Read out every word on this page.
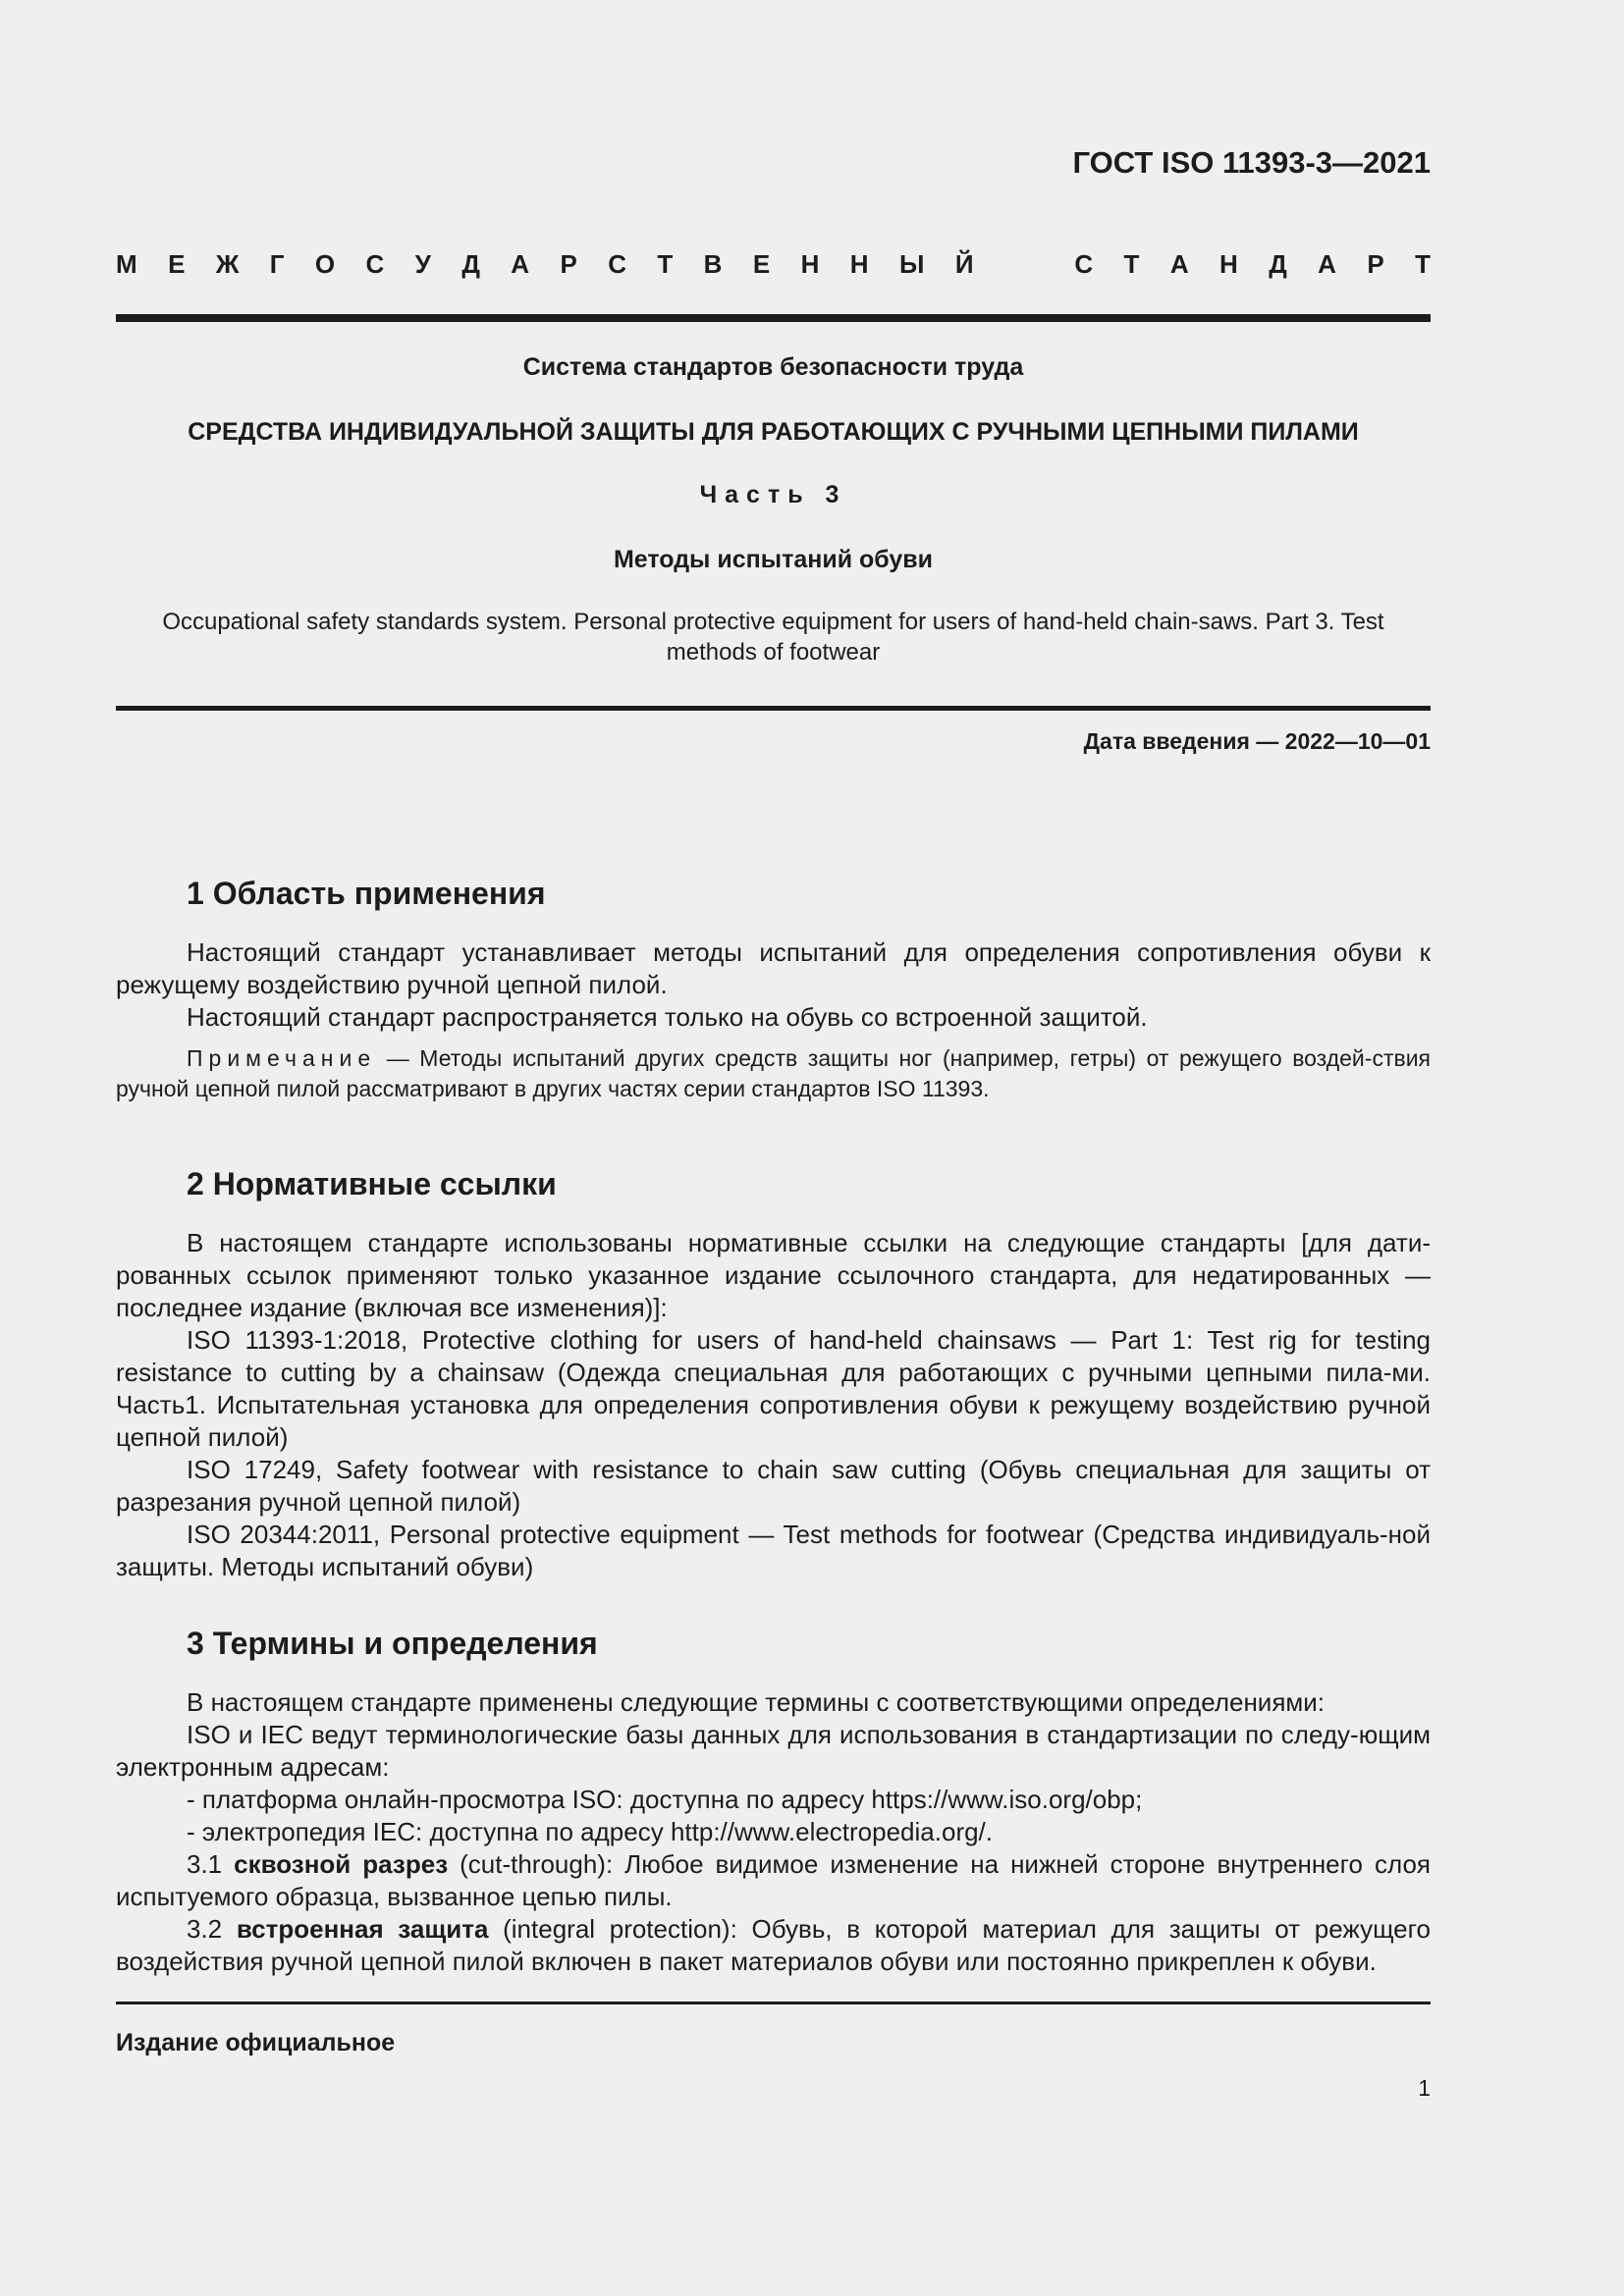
ГОСТ ISO 11393-3—2021
М Е Ж Г О С У Д А Р С Т В Е Н Н Ы Й	С Т А Н Д А Р Т
Система стандартов безопасности труда
СРЕДСТВА ИНДИВИДУАЛЬНОЙ ЗАЩИТЫ ДЛЯ РАБОТАЮЩИХ С РУЧНЫМИ ЦЕПНЫМИ ПИЛАМИ
Часть 3
Методы испытаний обуви
Occupational safety standards system. Personal protective equipment for users of hand-held chain-saws. Part 3. Test methods of footwear
Дата введения — 2022—10—01
1 Область применения

Настоящий стандарт устанавливает методы испытаний для определения сопротивления обуви к режущему воздействию ручной цепной пилой.

Настоящий стандарт распространяется только на обувь со встроенной защитой.

Примечание — Методы испытаний других средств защиты ног (например, гетры) от режущего воздей-ствия ручной цепной пилой рассматривают в других частях серии стандартов ISO 11393.

2 Нормативные ссылки

В настоящем стандарте использованы нормативные ссылки на следующие стандарты [для дати-рованных ссылок применяют только указанное издание ссылочного стандарта, для недатированных — последнее издание (включая все изменения)]:

ISO 11393-1:2018, Protective clothing for users of hand-held chainsaws — Part 1: Test rig for testing resistance to cutting by a chainsaw (Одежда специальная для работающих с ручными цепными пила-ми. Часть1. Испытательная установка для определения сопротивления обуви к режущему воздействию ручной цепной пилой)

ISO 17249, Safety footwear with resistance to chain saw cutting (Обувь специальная для защиты от разрезания ручной цепной пилой)

ISO 20344:2011, Personal protective equipment — Test methods for footwear (Средства индивидуаль-ной защиты. Методы испытаний обуви)

3 Термины и определения

В настоящем стандарте применены следующие термины с соответствующими определениями:

ISO и IEC ведут терминологические базы данных для использования в стандартизации по следу-ющим электронным адресам:

- платформа онлайн-просмотра ISO: доступна по адресу https://www.iso.org/obp;

- электропедия IEC: доступна по адресу http://www.electropedia.org/.

3.1 сквозной разрез (cut-through): Любое видимое изменение на нижней стороне внутреннего слоя испытуемого образца, вызванное цепью пилы.

3.2 встроенная защита (integral protection): Обувь, в которой материал для защиты от режущего воздействия ручной цепной пилой включен в пакет материалов обуви или постоянно прикреплен к обуви.

Издание официальное
1
